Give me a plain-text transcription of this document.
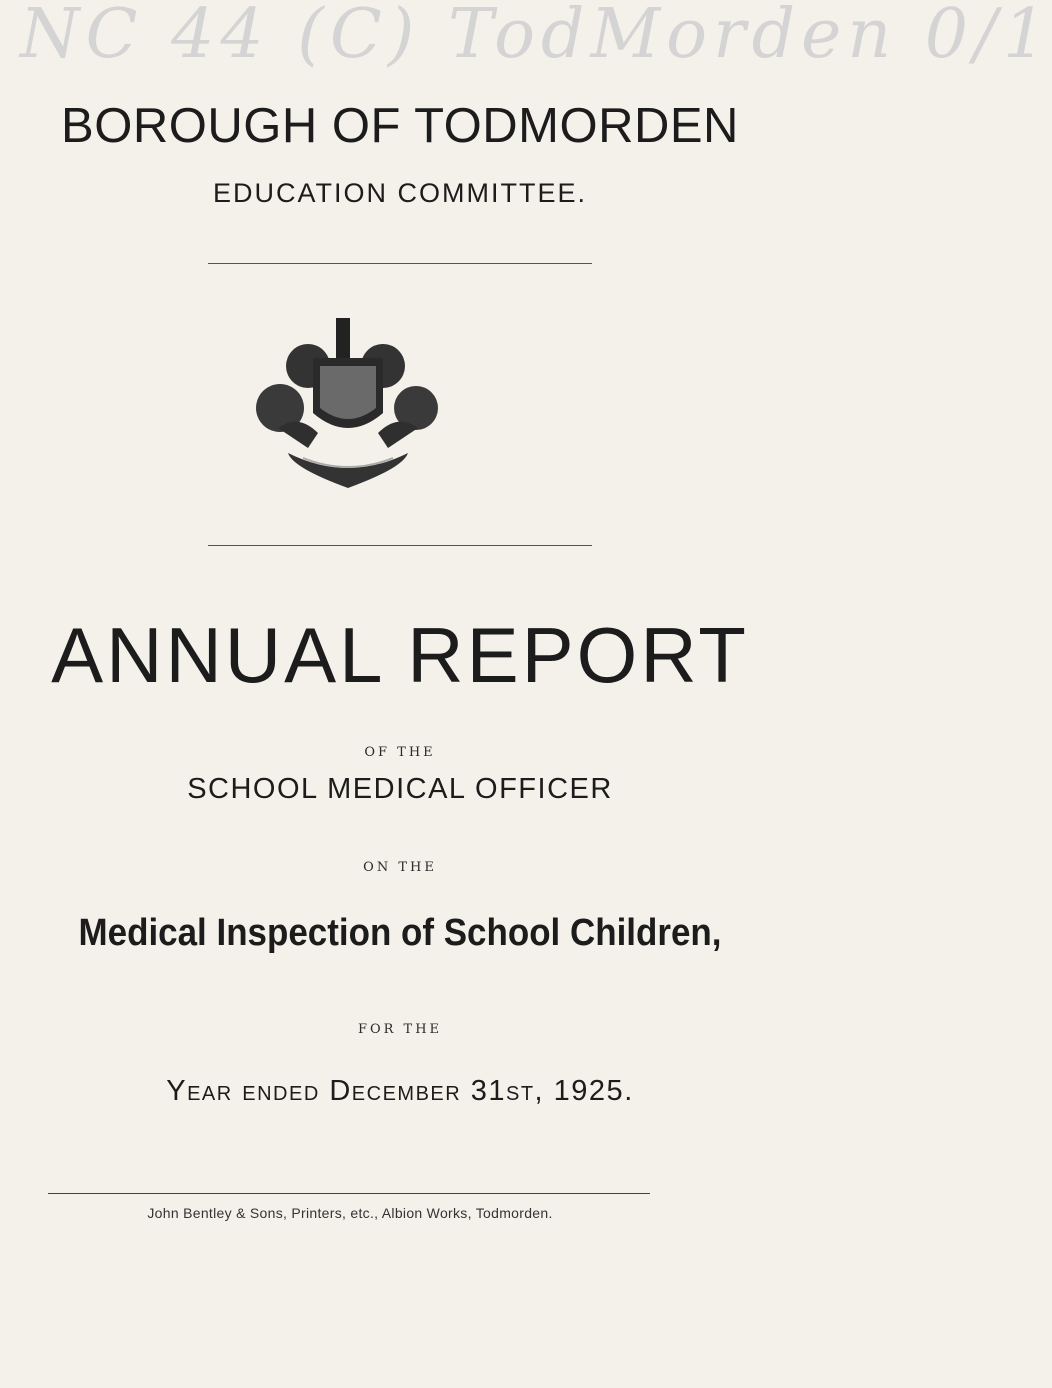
NC 44 (C) TodMorden 0/1
BOROUGH OF TODMORDEN
EDUCATION COMMITTEE.
ANNUAL REPORT
OF THE
SCHOOL MEDICAL OFFICER
ON THE
Medical Inspection of School Children,
FOR THE
Year ended December 31st, 1925.
John Bentley & Sons, Printers, etc., Albion Works, Todmorden.
